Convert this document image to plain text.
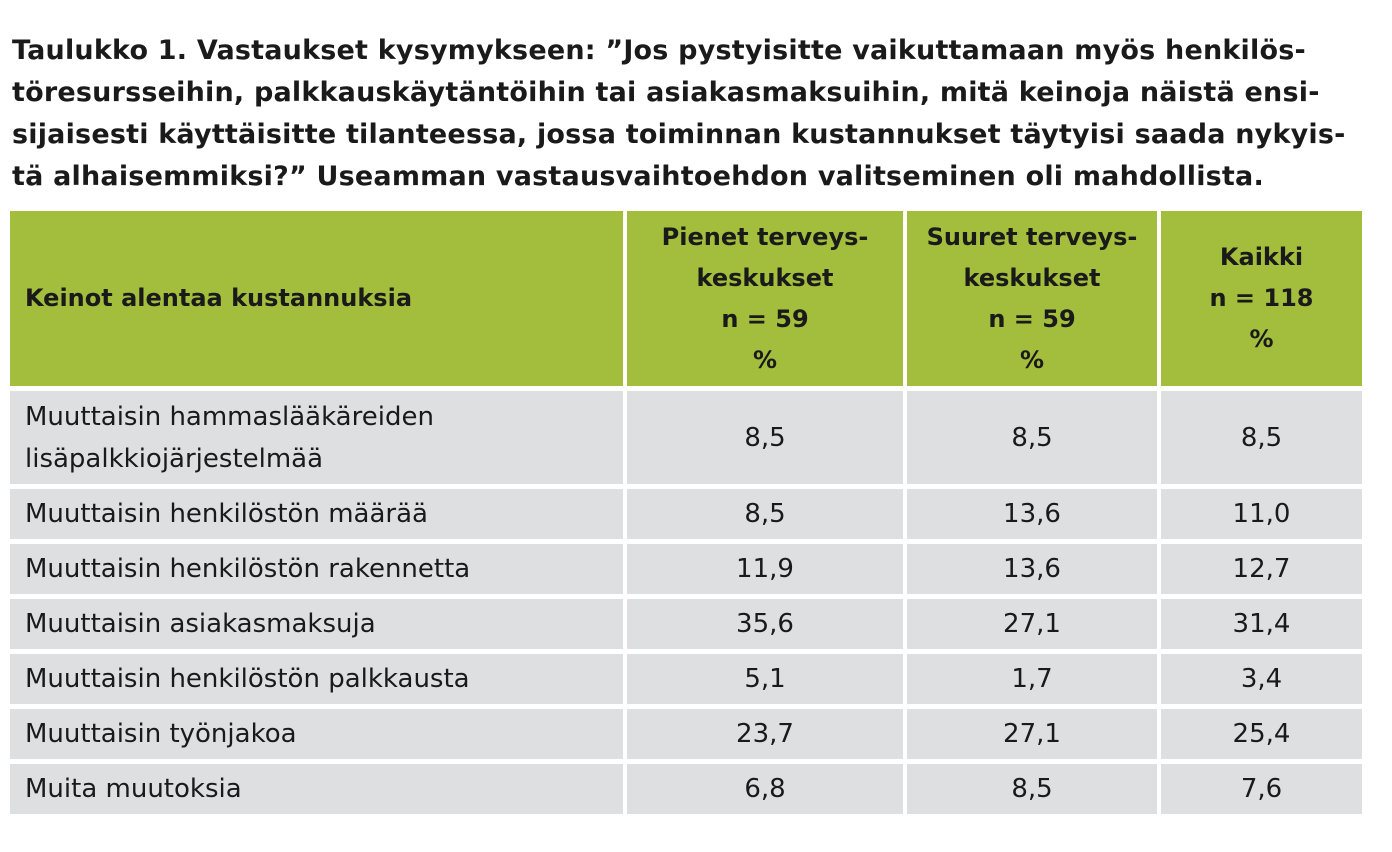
Taulukko 1. Vastaukset kysymykseen: ”Jos pystyisitte vaikuttamaan myös henkilös-
töresursseihin, palkkauskäytäntöihin tai asiakasmaksuihin, mitä keinoja näistä ensi-
sijaisesti käyttäisitte tilanteessa, jossa toiminnan kustannukset täytyisi saada nykyis-
tä alhaisemmiksi?” Useamman vastausvaihtoehdon valitseminen oli mahdollista.
Keinot alentaa kustannuksia	Pienet terveys-
keskukset
n = 59
%	Suuret terveys-
keskukset
n = 59
%	Kaikki
n = 118
%

Muuttaisin hammaslääkäreiden
lisäpalkkiojärjestelmää	8,5	8,5	8,5
Muuttaisin henkilöstön määrää	8,5	13,6	11,0
Muuttaisin henkilöstön rakennetta	11,9	13,6	12,7
Muuttaisin asiakasmaksuja	35,6	27,1	31,4
Muuttaisin henkilöstön palkkausta	5,1	1,7	3,4
Muuttaisin työnjakoa	23,7	27,1	25,4
Muita muutoksia	6,8	8,5	7,6
